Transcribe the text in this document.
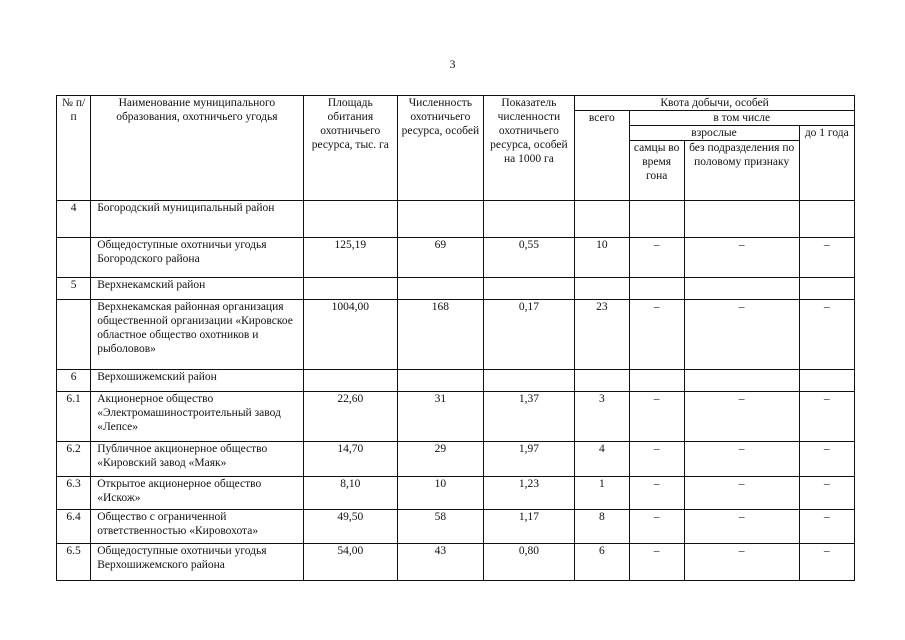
3
№ п/п	Наименование муниципального образования, охотничьего угодья	Площадь обитания охотничьего ресурса, тыс. га	Численность охотничьего ресурса, особей	Показатель численности охотничьего ресурса, особей на 1000 га	Квота добычи, особей			
					всего	в том числе		
						взрослые		до 1 года
						самцы во время гона	без подразделения по половому признаку	
4	Богородский муниципальный район							
	Общедоступные охотничьи угодья Богородского района	125,19	69	0,55	10	–	–	–
5	Верхнекамский район							
	Верхнекамская районная организация общественной организации «Кировское областное общество охотников и рыболовов»	1004,00	168	0,17	23	–	–	–
6	Верхошижемский район							
6.1	Акционерное общество «Электромашиностроительный завод «Лепсе»	22,60	31	1,37	3	–	–	–
6.2	Публичное акционерное общество «Кировский завод «Маяк»	14,70	29	1,97	4	–	–	–
6.3	Открытое акционерное общество «Искож»	8,10	10	1,23	1	–	–	–
6.4	Общество с ограниченной ответственностью «Кировохота»	49,50	58	1,17	8	–	–	–
6.5	Общедоступные охотничьи угодья Верхошижемского района	54,00	43	0,80	6	–	–	–
